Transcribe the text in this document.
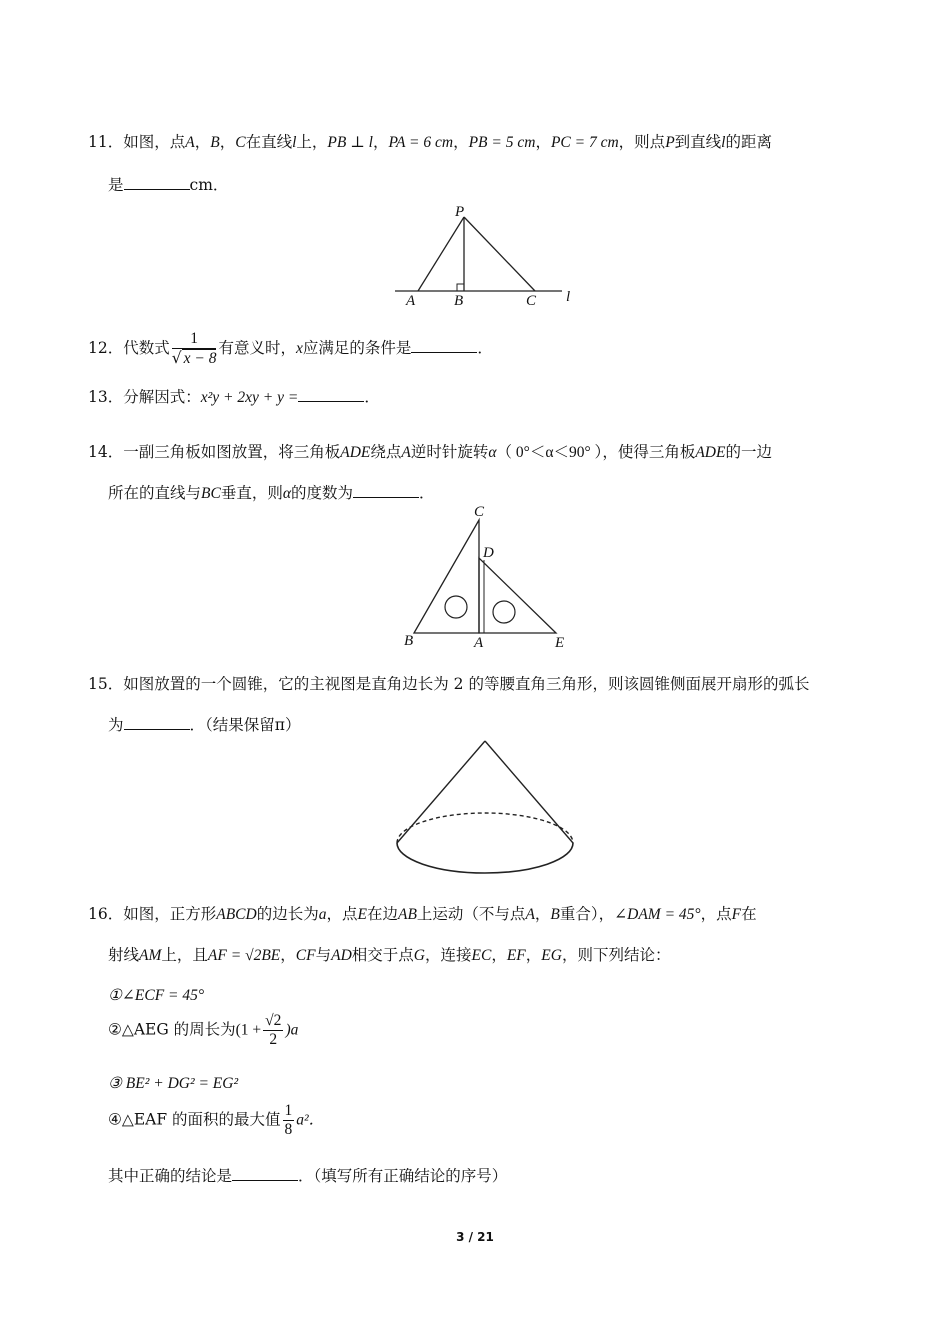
11．如图，点A，B，C在直线l上，PB ⊥ l，PA = 6 cm，PB = 5 cm，PC = 7 cm，则点P到直线l的距离
是	cm．
P
A	B	C l
12．代数式 $\frac{1}{√ x - 8}$ 有意义时，x应满足的条件是	．
13．分解因式：x²y + 2xy + y =	．
14．一副三角板如图放置，将三角板ADE绕点A逆时针旋转α（ 0°＜α＜90° ），使得三角板ADE的一边
所在的直线与BC垂直，则α的度数为	．
C
D
B	A	E
15．如图放置的一个圆锥，它的主视图是直角边长为 2 的等腰直角三角形，则该圆锥侧面展开扇形的弧长
为	．（结果保留π）
16．如图，正方形ABCD的边长为a，点E在边AB上运动（不与点A，B重合），∠DAM = 45°，点F在
射线AM上，且AF = √2BE，CF与AD相交于点G，连接EC，EF，EG，则下列结论：
①∠ECF = 45°
②△AEG 的周长为$(1 + \frac{√2}{2} )a$
③ BE² + DG² = EG²
④△EAF 的面积的最大值 $\frac{1}{8} a^2$．
其中正确的结论是	．（填写所有正确结论的序号）
3 / 21
